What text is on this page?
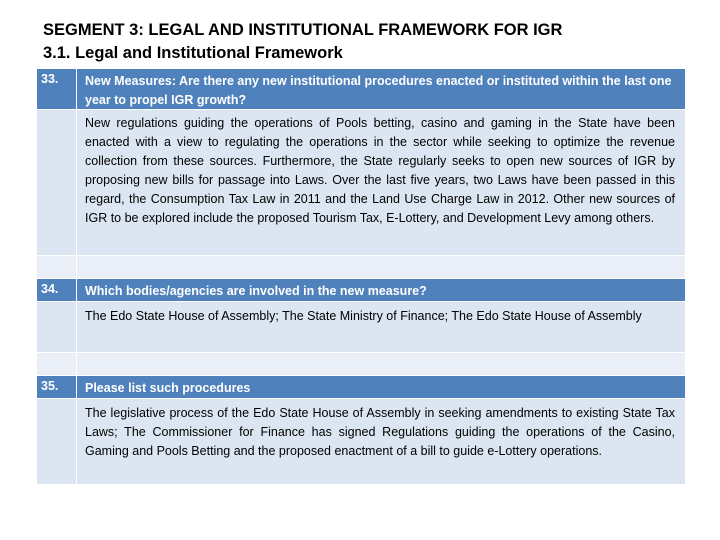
SEGMENT 3: LEGAL AND INSTITUTIONAL FRAMEWORK FOR IGR
3.1. Legal and Institutional Framework
33.	New Measures: Are there any new institutional procedures enacted or instituted within the last one year to propel IGR growth?
New regulations guiding the operations of Pools betting, casino and gaming in the State have been enacted with a view to regulating the operations in the sector while seeking to optimize the revenue collection from these sources. Furthermore, the State regularly seeks to open new sources of IGR by proposing new bills for passage into Laws. Over the last five years, two Laws have been passed in this regard, the Consumption Tax Law in 2011 and the Land Use Charge Law in 2012. Other new sources of IGR to be explored include the proposed Tourism Tax, E-Lottery, and Development Levy among others.
34.	Which bodies/agencies are involved in the new measure?
The Edo State House of Assembly; The State Ministry of Finance; The Edo State House of Assembly
35.	Please list such procedures
The legislative process of the Edo State House of Assembly in seeking amendments to existing State Tax Laws; The Commissioner for Finance has signed Regulations guiding the operations of the Casino, Gaming and Pools Betting and the proposed enactment of a bill to guide e-Lottery operations.
